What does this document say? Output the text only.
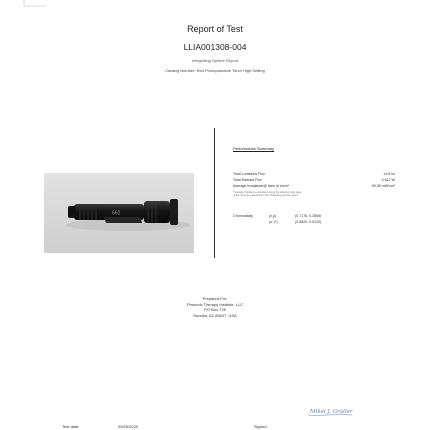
Report of Test
LLIA001308-004
Integrating Sphere Report
Catalog Number: Red Photopuncture Torch High Setting
660
Performance Summary
Total Luminous Flux	14.8 lm
Total Radiant Flux	0.612 W
Average Irradiance@ face of torch*	99.38 mW/cm²
*Average irradiance calculated using the effective face area
of the torch as measured in the integrating sphere report
Chromaticity	(x,y)	(0.7176, 0.2806)
(u',v')	(0.5820, 0.5120)
Prepared For:
Photonic Therapy Institute, LLC
PO Box 778
Sonoita, AZ 85637, USA
Mikel J. Graller
Test date:	09/25/2020	Signed:
